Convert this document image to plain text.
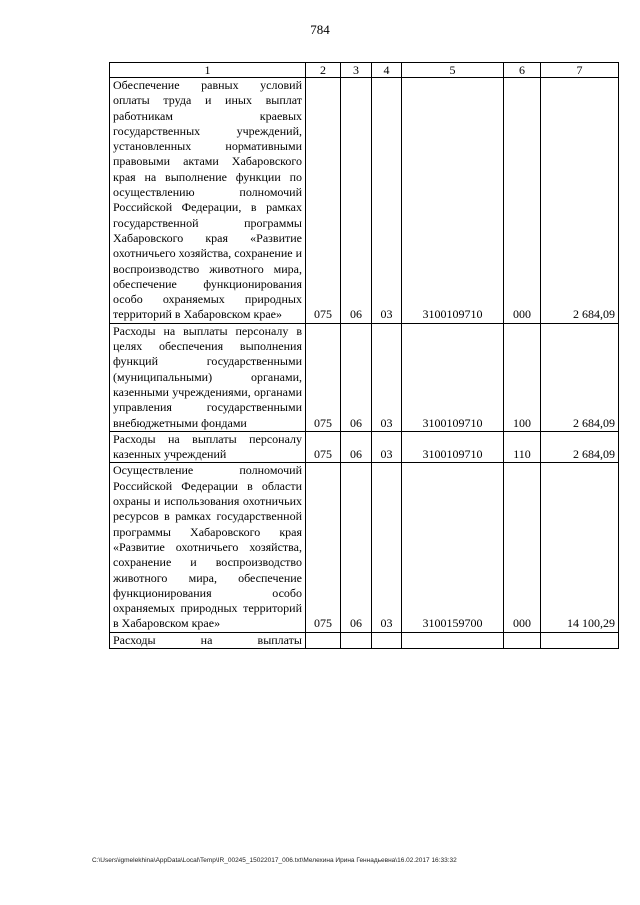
784
1	2	3	4	5	6	7
Обеспечение равных условий оплаты труда и иных выплат работникам краевых государственных учреждений, установленных нормативными правовыми актами Хабаровского края на выполнение функции по осуществлению полномочий Российской Федерации, в рамках государственной программы Хабаровского края «Развитие охотничьего хозяйства, сохранение и воспроизводство животного мира, обеспечение функционирования особо охраняемых природных территорий в Хабаровском крае»	075	06	03	3100109710	000	2 684,09
Расходы на выплаты персоналу в целях обеспечения выполнения функций государственными (муниципальными) органами, казенными учреждениями, органами управления государственными внебюджетными фондами	075	06	03	3100109710	100	2 684,09
Расходы на выплаты персоналу казенных учреждений	075	06	03	3100109710	110	2 684,09
Осуществление полномочий Российской Федерации в области охраны и использования охотничьих ресурсов в рамках государственной программы Хабаровского края «Развитие охотничьего хозяйства, сохранение и воспроизводство животного мира, обеспечение функционирования особо охраняемых природных территорий в Хабаровском крае»	075	06	03	3100159700	000	14 100,29
Расходы на выплаты						
C:\Users\igmelekhina\AppData\Local\Temp\IR_00245_15022017_006.txt\Мелехина Ирина Геннадьевна\16.02.2017 16:33:32
